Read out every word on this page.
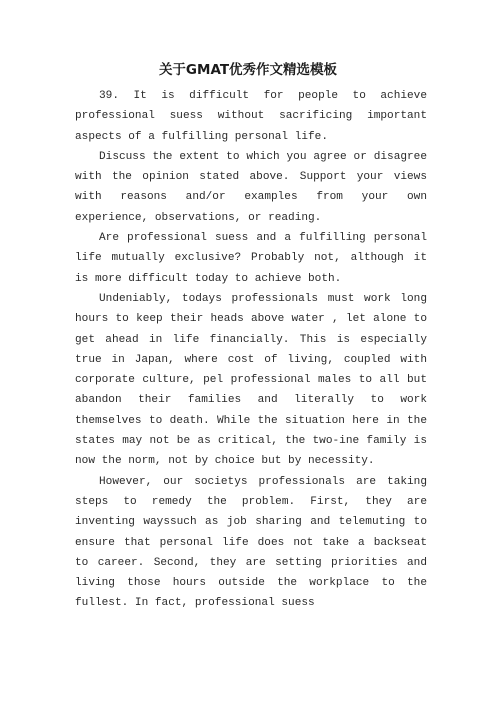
关于GMAT优秀作文精选模板

39. It is difficult for people to achieve professional suess without sacrificing important aspects of a fulfilling personal life.

Discuss the extent to which you agree or disagree with the opinion stated above. Support your views with reasons and/or examples from your own experience, observations, or reading.

Are professional suess and a fulfilling personal life mutually exclusive? Probably not, although it is more difficult today to achieve both.

Undeniably, todays professionals must work long hours to keep their heads above water , let alone to get ahead in life financially. This is especially true in Japan, where cost of living, coupled with corporate culture, pel professional males to all but abandon their families and literally to work themselves to death. While the situation here in the states may not be as critical, the two-ine family is now the norm, not by choice but by necessity.

However, our societys professionals are taking steps to remedy the problem. First, they are inventing wayssuch as job sharing and telemuting to ensure that personal life does not take a backseat to career. Second, they are setting priorities and living those hours outside the workplace to the fullest. In fact, professional suess
